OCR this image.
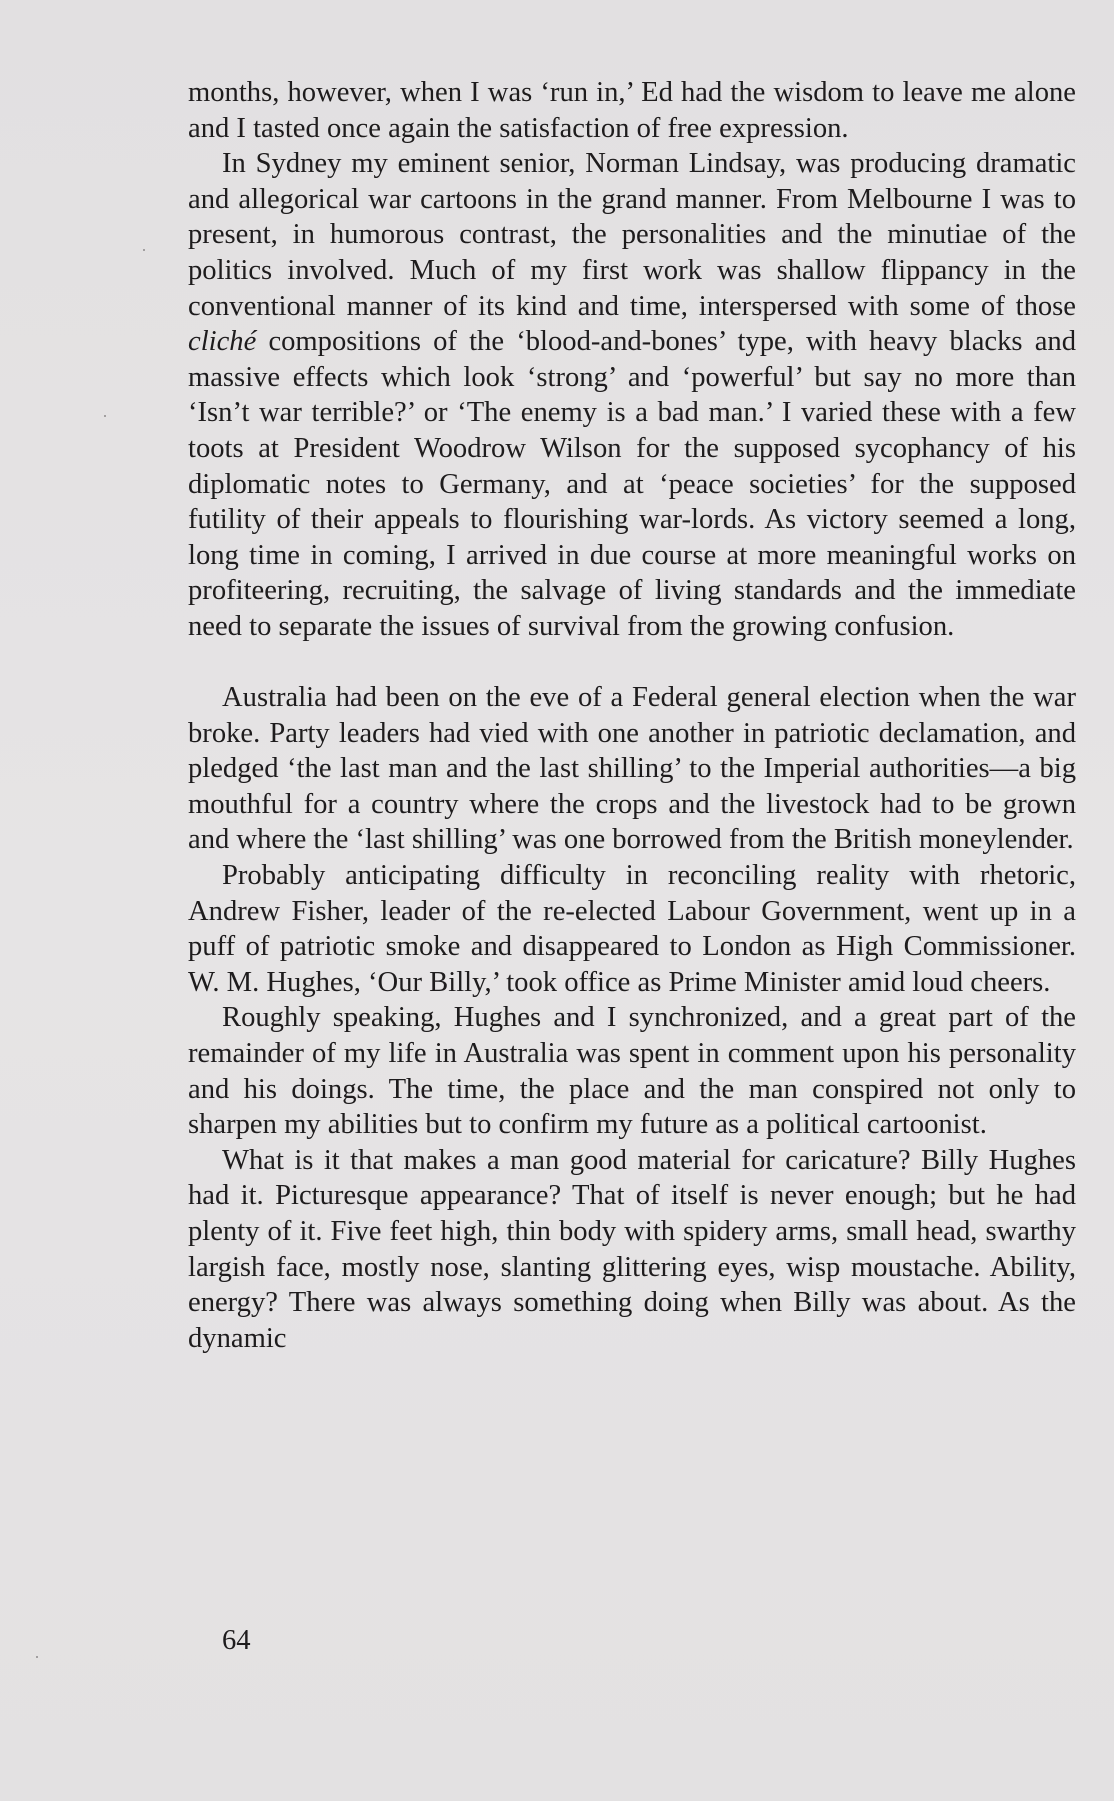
months, however, when I was ‘run in,’ Ed had the wisdom to leave me alone and I tasted once again the satisfaction of free expression.

In Sydney my eminent senior, Norman Lindsay, was producing dramatic and allegorical war cartoons in the grand manner. From Melbourne I was to present, in humorous contrast, the personalities and the minutiae of the politics involved. Much of my first work was shallow flippancy in the conventional manner of its kind and time, interspersed with some of those cliché compositions of the ‘blood-and-bones’ type, with heavy blacks and massive effects which look ‘strong’ and ‘powerful’ but say no more than ‘Isn’t war terrible?’ or ‘The enemy is a bad man.’ I varied these with a few toots at President Woodrow Wilson for the supposed sycophancy of his diplomatic notes to Germany, and at ‘peace societies’ for the supposed futility of their appeals to flourishing war-lords. As victory seemed a long, long time in coming, I arrived in due course at more meaningful works on profiteering, recruiting, the salvage of living standards and the immediate need to separate the issues of survival from the growing confusion.

Australia had been on the eve of a Federal general election when the war broke. Party leaders had vied with one another in patriotic declamation, and pledged ‘the last man and the last shilling’ to the Imperial authorities—a big mouthful for a country where the crops and the livestock had to be grown and where the ‘last shilling’ was one borrowed from the British moneylender.

Probably anticipating difficulty in reconciling reality with rhetoric, Andrew Fisher, leader of the re-elected Labour Government, went up in a puff of patriotic smoke and disappeared to London as High Commissioner. W. M. Hughes, ‘Our Billy,’ took office as Prime Minister amid loud cheers.

Roughly speaking, Hughes and I synchronized, and a great part of the remainder of my life in Australia was spent in comment upon his personality and his doings. The time, the place and the man conspired not only to sharpen my abilities but to confirm my future as a political cartoonist.

What is it that makes a man good material for caricature? Billy Hughes had it. Picturesque appearance? That of itself is never enough; but he had plenty of it. Five feet high, thin body with spidery arms, small head, swarthy largish face, mostly nose, slanting glittering eyes, wisp moustache. Ability, energy? There was always something doing when Billy was about. As the dynamic

64
